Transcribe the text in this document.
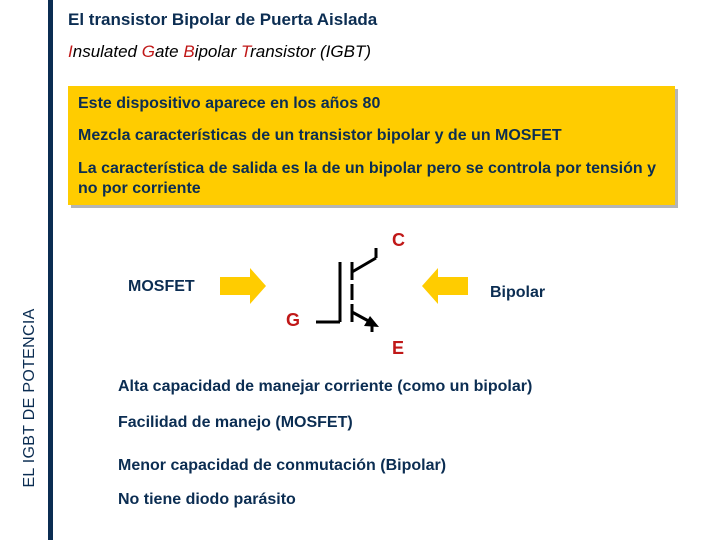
EL IGBT DE POTENCIA
El transistor Bipolar de Puerta Aislada
Insulated Gate Bipolar Transistor (IGBT)
Este dispositivo aparece en los años 80
Mezcla características de un transistor bipolar y de un MOSFET
La característica de salida es la de un bipolar pero se controla por tensión y no por corriente
MOSFET	Bipolar
C
G
E
Alta capacidad de manejar corriente (como un bipolar)
Facilidad de manejo (MOSFET)
Menor capacidad de conmutación (Bipolar)
No tiene diodo parásito
